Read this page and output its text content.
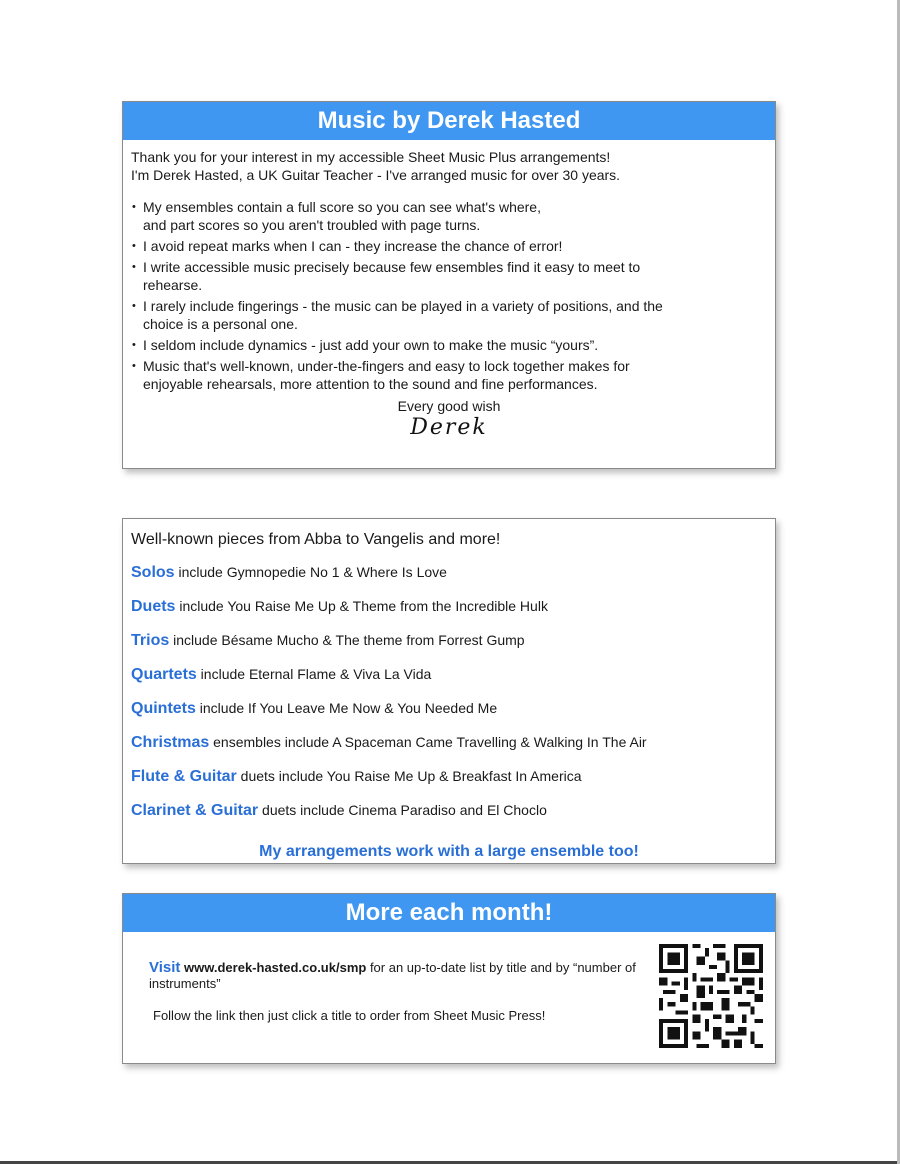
Music by Derek Hasted

Thank you for your interest in my accessible Sheet Music Plus arrangements!

I'm Derek Hasted, a UK Guitar Teacher - I've arranged music for over 30 years.

• My ensembles contain a full score so you can see what's where,
and part scores so you aren't troubled with page turns.
• I avoid repeat marks when I can - they increase the chance of error!
• I write accessible music precisely because few ensembles find it easy to meet to
rehearse.
• I rarely include fingerings - the music can be played in a variety of positions, and the
choice is a personal one.
• I seldom include dynamics - just add your own to make the music “yours”.
• Music that's well-known, under-the-fingers and easy to lock together makes for
enjoyable rehearsals, more attention to the sound and fine performances.
Every good wish
Derek
Well-known pieces from Abba to Vangelis and more!
Solos include Gymnopedie No 1 & Where Is Love
Duets include You Raise Me Up & Theme from the Incredible Hulk
Trios include Bésame Mucho & The theme from Forrest Gump
Quartets include Eternal Flame & Viva La Vida
Quintets include If You Leave Me Now & You Needed Me
Christmas ensembles include A Spaceman Came Travelling & Walking In The Air
Flute & Guitar duets include You Raise Me Up & Breakfast In America
Clarinet & Guitar duets include Cinema Paradiso and El Choclo
My arrangements work with a large ensemble too!
More each month!
Visit www.derek-hasted.co.uk/smp for an up-to-date list by title and by “number of instruments”
Follow the link then just click a title to order from Sheet Music Press!
